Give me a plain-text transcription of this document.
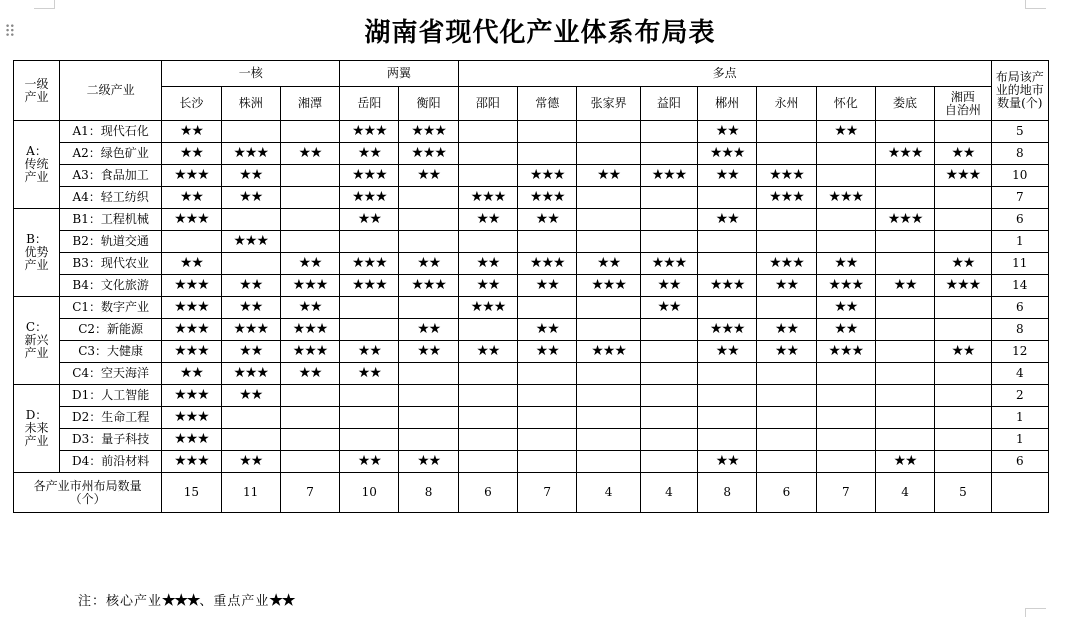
⠿	湖南省现代化产业体系布局表
一级
产业	二级产业	一核			两翼		多点									布局该产
业的地市
数量(个)
		长沙	株洲	湘潭	岳阳	衡阳	邵阳	常德	张家界	益阳	郴州	永州	怀化	娄底	湘西
自治州	
A：
传统
产业	A1：现代石化	★★			★★★	★★★					★★		★★			5
	A2：绿色矿业	★★	★★★	★★	★★	★★★					★★★			★★★	★★	8
	A3：食品加工	★★★	★★		★★★	★★		★★★	★★	★★★	★★	★★★			★★★	10
	A4：轻工纺织	★★	★★		★★★		★★★	★★★				★★★	★★★			7
B：
优势
产业	B1：工程机械	★★★			★★		★★	★★			★★			★★★		6
	B2：轨道交通		★★★													1
	B3：现代农业	★★		★★	★★★	★★	★★	★★★	★★	★★★		★★★	★★		★★	11
	B4：文化旅游	★★★	★★	★★★	★★★	★★★	★★	★★	★★★	★★	★★★	★★	★★★	★★	★★★	14
C：
新兴
产业	C1：数字产业	★★★	★★	★★			★★★			★★			★★			6
	C2：新能源	★★★	★★★	★★★		★★		★★			★★★	★★	★★			8
	C3：大健康	★★★	★★	★★★	★★	★★	★★	★★	★★★		★★	★★	★★★		★★	12
	C4：空天海洋	★★	★★★	★★	★★											4
D：
未来
产业	D1：人工智能	★★★	★★													2
	D2：生命工程	★★★														1
	D3：量子科技	★★★														1
	D4：前沿材料	★★★	★★		★★	★★					★★			★★		6
各产业市州布局数量
（个）		15	11	7	10	8	6	7	4	4	8	6	7	4	5	
注：核心产业★★★、重点产业★★
